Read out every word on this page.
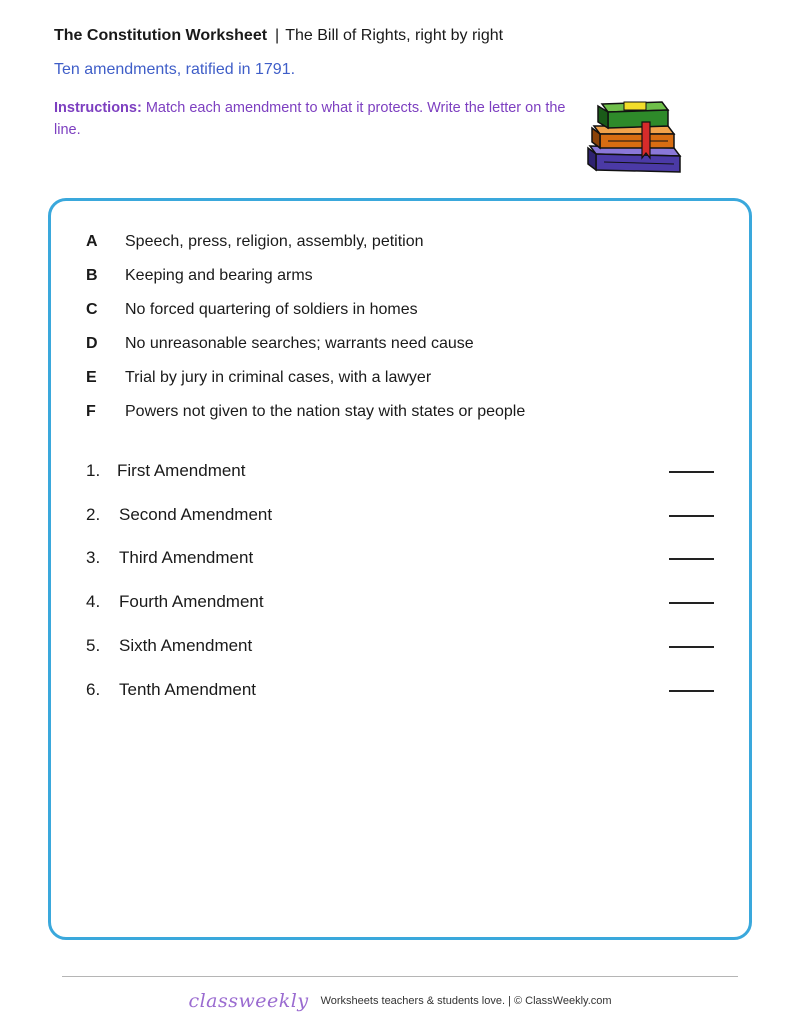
The Constitution Worksheet | The Bill of Rights, right by right
Ten amendments, ratified in 1791.
Instructions: Match each amendment to what it protects. Write the letter on the line.
A	Speech, press, religion, assembly, petition
B	Keeping and bearing arms
C	No forced quartering of soldiers in homes
D	No unreasonable searches; warrants need cause
E	Trial by jury in criminal cases, with a lawyer
F	Powers not given to the nation stay with states or people
1. First Amendment
2.	Second Amendment
3.	Third Amendment
4.	Fourth Amendment
5.	Sixth Amendment
6.	Tenth Amendment
classweekly Worksheets teachers & students love. | © ClassWeekly.com
